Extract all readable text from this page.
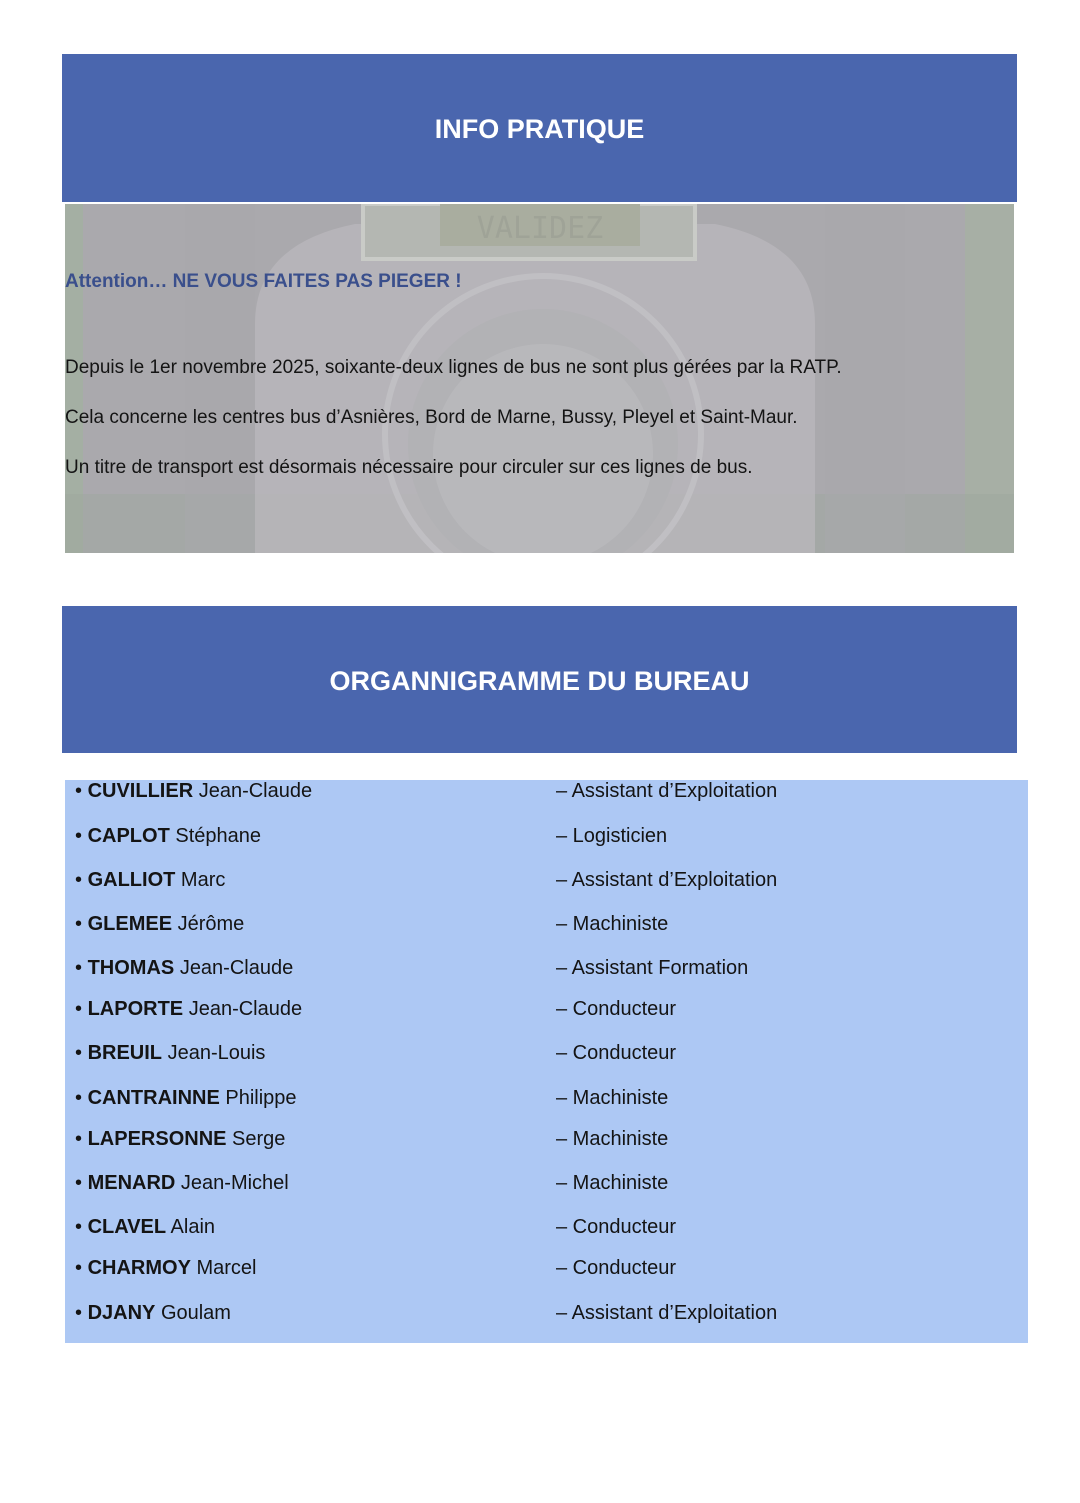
INFO PRATIQUE
VALIDEZ
Attention… NE VOUS FAITES PAS PIEGER !
Depuis le 1er novembre 2025, soixante-deux lignes de bus ne sont plus gérées par la RATP.
Cela concerne les centres bus d’Asnières, Bord de Marne, Bussy, Pleyel et Saint-Maur.
Un titre de transport est désormais nécessaire pour circuler sur ces lignes de bus.
ORGANNIGRAMME DU BUREAU
• CUVILLIER Jean-Claude	– Assistant d’Exploitation
• CAPLOT Stéphane	– Logisticien
• GALLIOT Marc	– Assistant d’Exploitation
• GLEMEE Jérôme	– Machiniste
• THOMAS Jean-Claude	– Assistant Formation
• LAPORTE Jean-Claude	– Conducteur
• BREUIL Jean-Louis	– Conducteur
• CANTRAINNE Philippe	– Machiniste
• LAPERSONNE Serge	– Machiniste
• MENARD Jean-Michel	– Machiniste
• CLAVEL Alain	– Conducteur
• CHARMOY Marcel	– Conducteur
• DJANY Goulam	– Assistant d’Exploitation
